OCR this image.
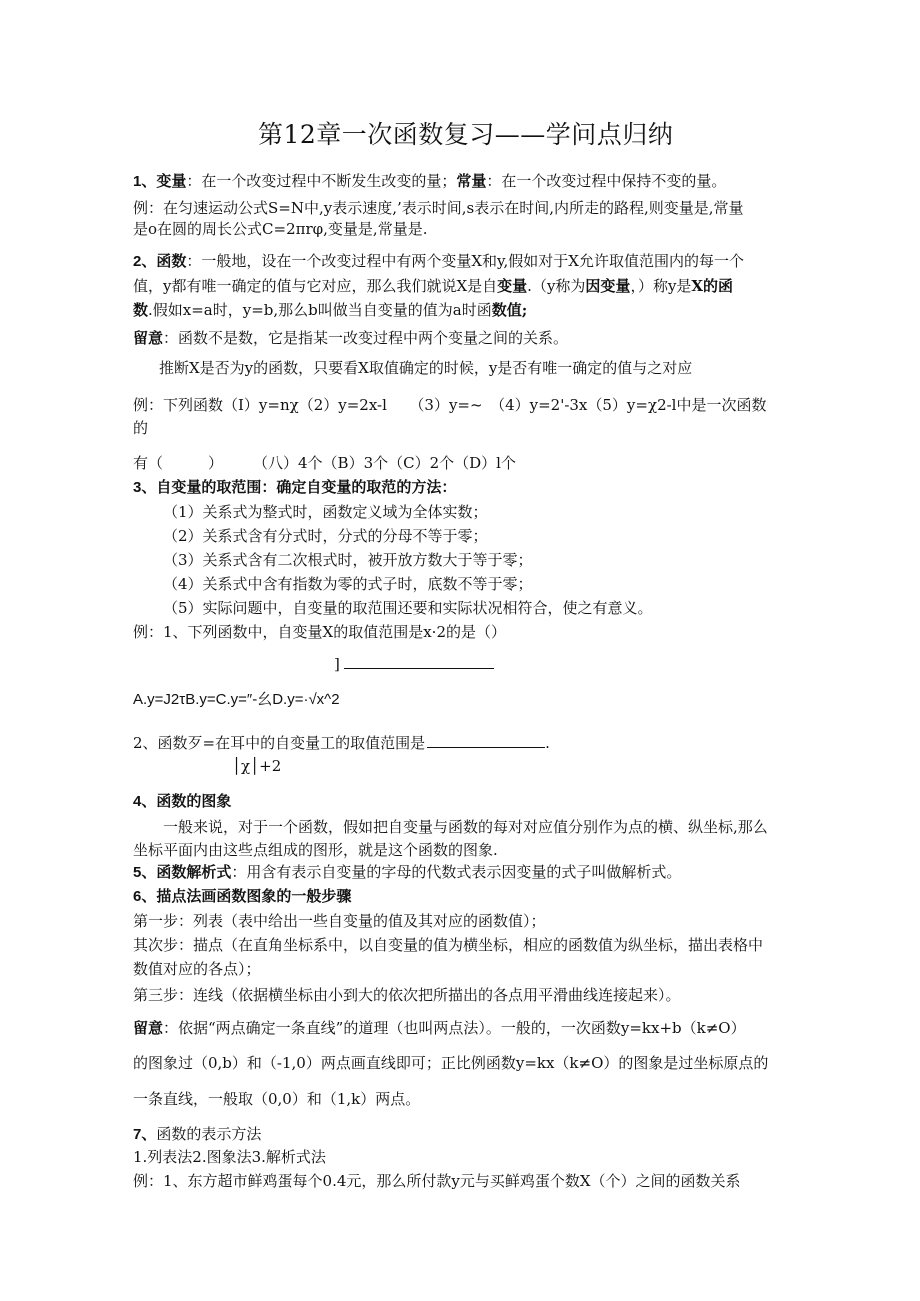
第12章一次函数复习——学问点归纳
1、变量：在一个改变过程中不断发生改变的量；常量：在一个改变过程中保持不变的量。
例：在匀速运动公式S=N中,y表示速度,’表示时间,s表示在时间,内所走的路程,则变量是,常量
是o在圆的周长公式C=2πrφ,变量是,常量是.
2、函数：一般地，设在一个改变过程中有两个变量X和y,假如对于X允许取值范围内的每一个
值，y都有唯一确定的值与它对应，那么我们就说X是自变量.（y称为因变量，）称y是X的函
数.假如x=a时，y=b,那么b叫做当自变量的值为a时函数值;
留意：函数不是数，它是指某一改变过程中两个变量之间的关系。
推断X是否为y的函数，只要看X取值确定的时候，y是否有唯一确定的值与之对应
例：下列函数（I）y=nχ（2）y=2x-l　　（3）y=~　（4）y=2'-3x（5）y=χ2-l中是一次函数
的
有（　　　）　　　（八）4个（B）3个（C）2个（D）l个
3、自变量的取范围：确定自变量的取范的方法：
（1）关系式为整式时，函数定义域为全体实数；
（2）关系式含有分式时，分式的分母不等于零；
（3）关系式含有二次根式时，被开放方数大于等于零；
（4）关系式中含有指数为零的式子时，底数不等于零；
（5）实际问题中，自变量的取范围还要和实际状况相符合，使之有意义。
例：1、下列函数中，自变量X的取值范围是x·2的是（）
]
A.y=J2τB.y=C.y=″-幺D.y=·√x^2
2、函数歹=在耳中的自变量工的取值范围是	.
│χ│+2
4、函数的图象
一般来说，对于一个函数，假如把自变量与函数的每对对应值分别作为点的横、纵坐标,那么
坐标平面内由这些点组成的图形，就是这个函数的图象.
5、函数解析式：用含有表示自变量的字母的代数式表示因变量的式子叫做解析式。
6、描点法画函数图象的一般步骤
第一步：列表（表中给出一些自变量的值及其对应的函数值）；
其次步：描点（在直角坐标系中，以自变量的值为横坐标，相应的函数值为纵坐标，描出表格中
数值对应的各点）；
第三步：连线（依据横坐标由小到大的依次把所描出的各点用平滑曲线连接起来）。
留意：依据“两点确定一条直线”的道理（也叫两点法）。一般的，一次函数y=kx+b（k≠O）
的图象过（0,b）和（-1,0）两点画直线即可；正比例函数y=kx（k≠O）的图象是过坐标原点的
一条直线，一般取（0,0）和（1,k）两点。
7、函数的表示方法
1.列表法2.图象法3.解析式法
例：1、东方超市鲜鸡蛋每个0.4元，那么所付款y元与买鲜鸡蛋个数X（个）之间的函数关系
